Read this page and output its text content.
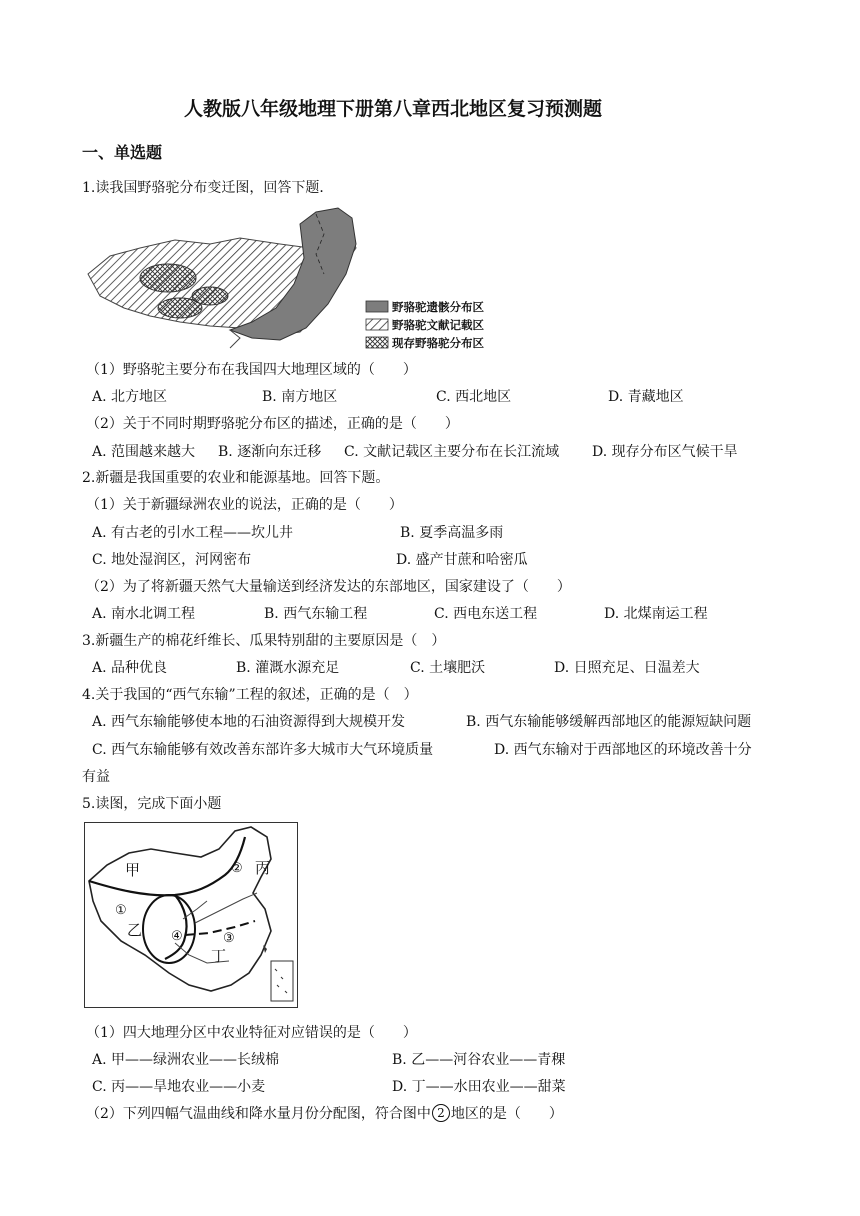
人教版八年级地理下册第八章西北地区复习预测题
一、单选题
1.读我国野骆驼分布变迁图，回答下题．
野骆驼遗骸分布区
野骆驼文献记载区
现存野骆驼分布区
（1）野骆驼主要分布在我国四大地理区域的（　　）
A. 北方地区	B. 南方地区	C. 西北地区	D. 青藏地区
（2）关于不同时期野骆驼分布区的描述，正确的是（　　）
A. 范围越来越大 B. 逐渐向东迁移 C. 文献记载区主要分布在长江流域 D. 现存分布区气候干旱
2.新疆是我国重要的农业和能源基地。回答下题。
（1）关于新疆绿洲农业的说法，正确的是（　　）
A. 有古老的引水工程——坎儿井	B. 夏季高温多雨
C. 地处湿润区，河网密布	D. 盛产甘蔗和哈密瓜
（2）为了将新疆天然气大量输送到经济发达的东部地区，国家建设了（　　）
A. 南水北调工程	B. 西气东输工程	C. 西电东送工程	D. 北煤南运工程
3.新疆生产的棉花纤维长、瓜果特别甜的主要原因是（　）
A. 品种优良	B. 灌溉水源充足	C. 土壤肥沃	D. 日照充足、日温差大
4.关于我国的“西气东输”工程的叙述，正确的是（　）
A. 西气东输能够使本地的石油资源得到大规模开发	B. 西气东输能够缓解西部地区的能源短缺问题
C. 西气东输能够有效改善东部许多大城市大气环境质量	D. 西气东输对于西部地区的环境改善十分
有益
5.读图，完成下面小题
甲
乙
丙
丁
①
②
③
④
（1）四大地理分区中农业特征对应错误的是（　　）
A. 甲——绿洲农业——长绒棉	B. 乙——河谷农业——青稞
C. 丙——旱地农业——小麦	D. 丁——水田农业——甜菜
（2）下列四幅气温曲线和降水量月份分配图，符合图中 2 地区的是（　　）
